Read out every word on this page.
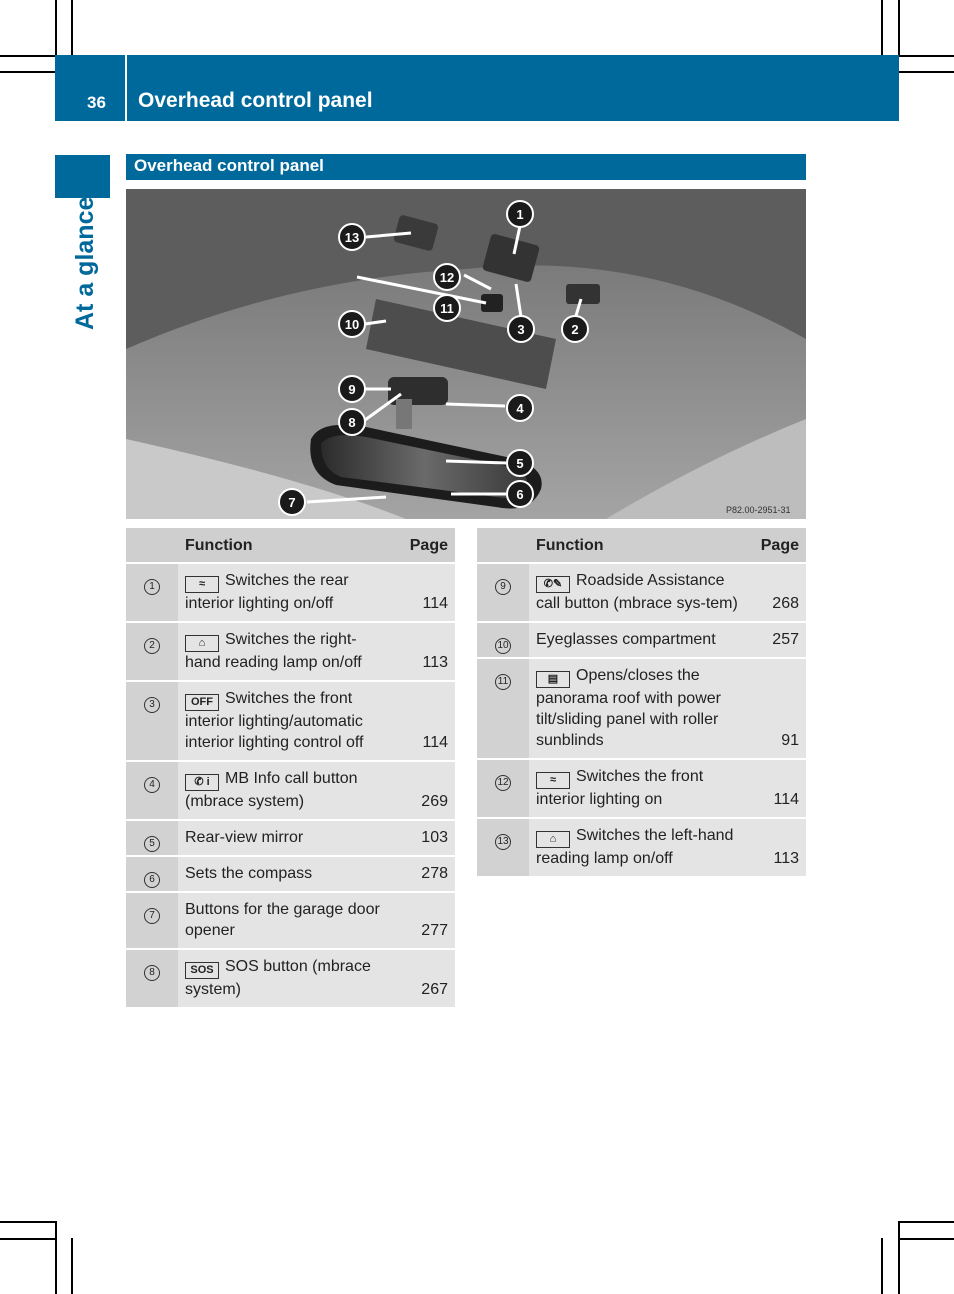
36 Overhead control panel
At a glance
Overhead control panel
P82.00-2951-31
1
2
3
4
5
6
7
8
9
10
11
12
13
	Function	Page
1	≈ Switches the rear interior lighting on/off	114
2	⌂ Switches the right-hand reading lamp on/off	113
3	OFF Switches the front interior lighting/automatic interior lighting control off	114
4	✆ i MB Info call button (mbrace system)	269
5	Rear-view mirror	103
6	Sets the compass	278
7	Buttons for the garage door opener	277
8	SOS SOS button (mbrace system)	267
	Function	Page
9	✆✎ Roadside Assistance call button (mbrace sys-tem)	268
10	Eyeglasses compartment	257
11	▤ Opens/closes the panorama roof with power tilt/sliding panel with roller sunblinds	91
12	≈ Switches the front interior lighting on	114
13	⌂ Switches the left-hand reading lamp on/off	113
